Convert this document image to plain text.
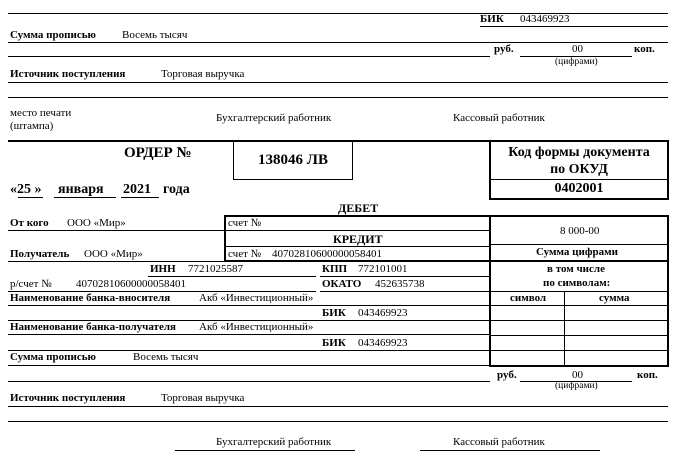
БИК 043469923
Сумма прописью Восемь тысяч
руб.	00	коп.
(цифрами)
Источник поступления	Торговая выручка
место печати
(штампа)
Бухгалтерский работник	Кассовый работник
ОРДЕР №	138046 ЛВ	Код формы документа
по ОКУД
0402001
«25 » января 2021 года
ДЕБЕТ
От кого ООО «Мир»	счет №
КРЕДИТ
счет № 40702810600000058401
Получатель ООО «Мир»
ИНН 7721025587	КПП 772101001
р/счет № 40702810600000058401	ОКАТО 452635738
Наименование банка-вносителя	Акб «Инвестиционный»
БИК 043469923
Наименование банка-получателя Акб «Инвестиционный»
БИК 043469923
Сумма прописью	Восемь тысяч
8 000-00
Сумма цифрами
в том числе
по символам:
символ	сумма
руб.	00	коп.
(цифрами)
Источник поступления	Торговая выручка
Бухгалтерский работник	Кассовый работник
